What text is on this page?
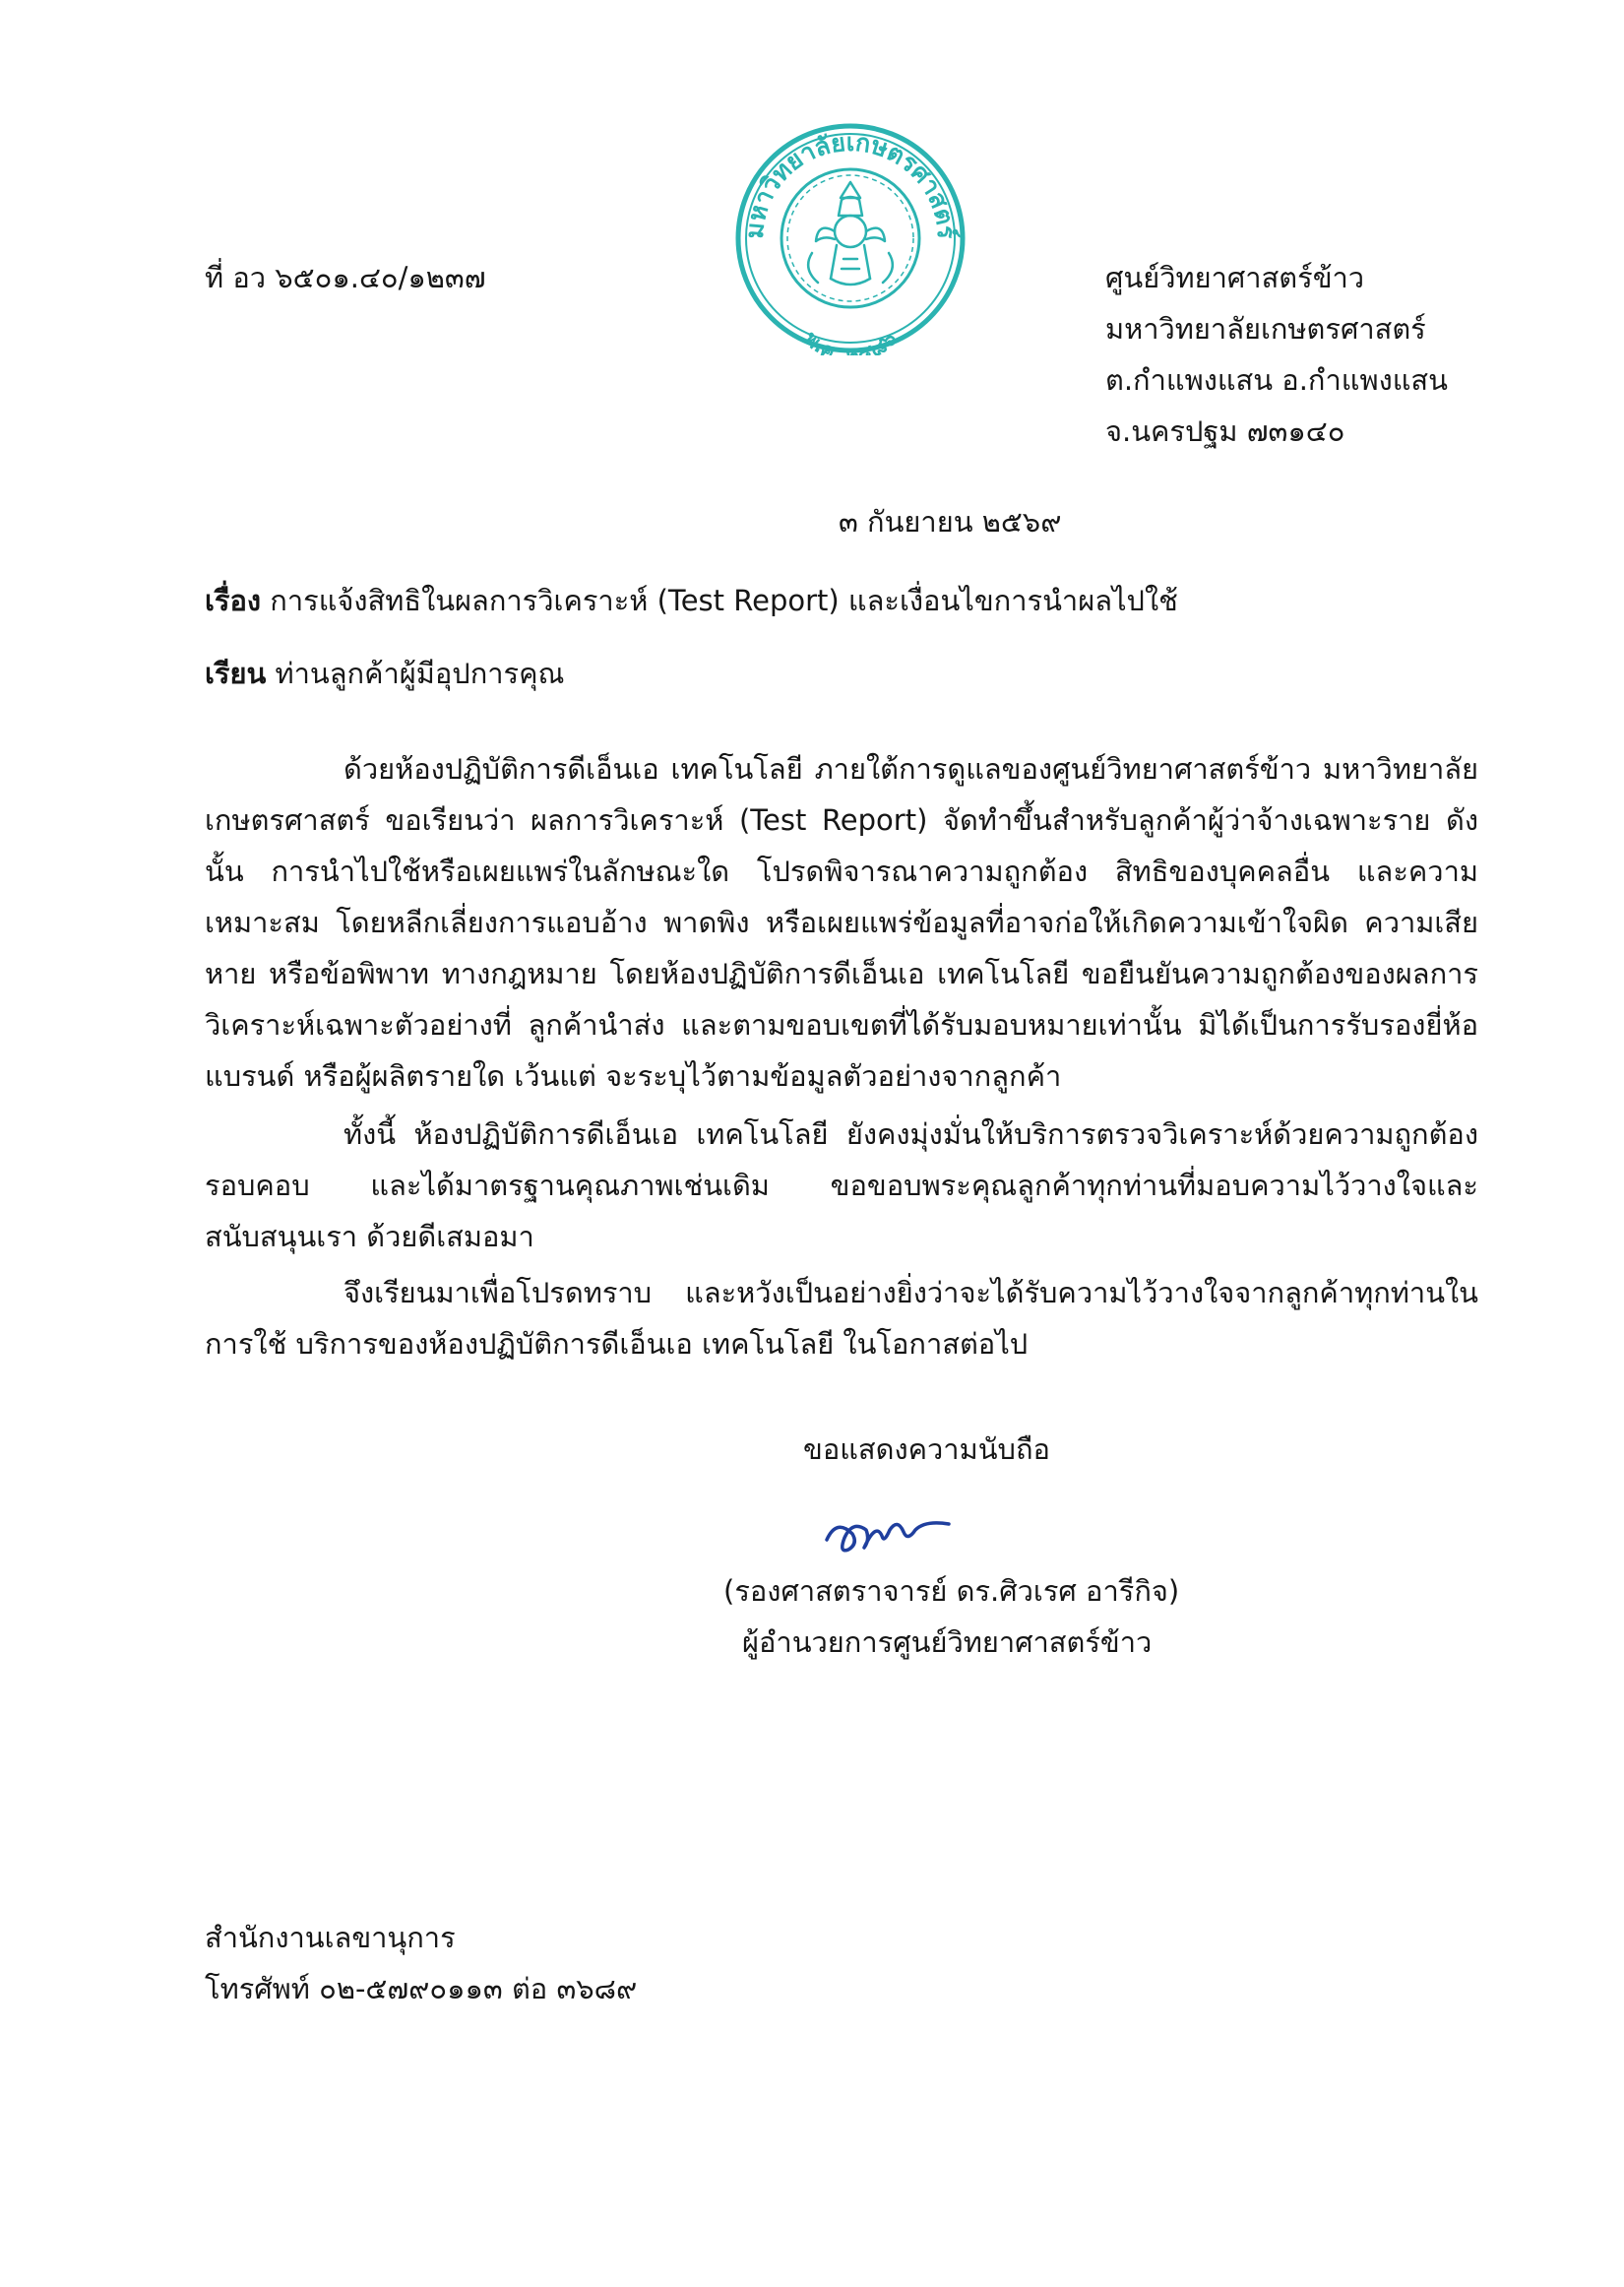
มหาวิทยาลัยเกษตรศาสตร์
พ.ศ. ๒๔๘๖
ที่ อว ๖๕๐๑.๔๐/๑๒๓๗	ศูนย์วิทยาศาสตร์ข้าว
มหาวิทยาลัยเกษตรศาสตร์
ต.กำแพงแสน อ.กำแพงแสน
จ.นครปฐม ๗๓๑๔๐
๓ กันยายน ๒๕๖๙
เรื่อง การแจ้งสิทธิในผลการวิเคราะห์ (Test Report) และเงื่อนไขการนำผลไปใช้
เรียน ท่านลูกค้าผู้มีอุปการคุณ
ด้วยห้องปฏิบัติการดีเอ็นเอ เทคโนโลยี ภายใต้การดูแลของศูนย์วิทยาศาสตร์ข้าว มหาวิทยาลัยเกษตรศาสตร์ ขอเรียนว่า ผลการวิเคราะห์ (Test Report) จัดทำขึ้นสำหรับลูกค้าผู้ว่าจ้างเฉพาะราย ดังนั้น การนำไปใช้หรือเผยแพร่ในลักษณะใด โปรดพิจารณาความถูกต้อง สิทธิของบุคคลอื่น และความเหมาะสม โดยหลีกเลี่ยงการแอบอ้าง พาดพิง หรือเผยแพร่ข้อมูลที่อาจก่อให้เกิดความเข้าใจผิด ความเสียหาย หรือข้อพิพาท ทางกฎหมาย โดยห้องปฏิบัติการดีเอ็นเอ เทคโนโลยี ขอยืนยันความถูกต้องของผลการวิเคราะห์เฉพาะตัวอย่างที่ ลูกค้านำส่ง และตามขอบเขตที่ได้รับมอบหมายเท่านั้น มิได้เป็นการรับรองยี่ห้อ แบรนด์ หรือผู้ผลิตรายใด เว้นแต่ จะระบุไว้ตามข้อมูลตัวอย่างจากลูกค้า
ทั้งนี้ ห้องปฏิบัติการดีเอ็นเอ เทคโนโลยี ยังคงมุ่งมั่นให้บริการตรวจวิเคราะห์ด้วยความถูกต้อง รอบคอบ และได้มาตรฐานคุณภาพเช่นเดิม ขอขอบพระคุณลูกค้าทุกท่านที่มอบความไว้วางใจและสนับสนุนเรา ด้วยดีเสมอมา
จึงเรียนมาเพื่อโปรดทราบ และหวังเป็นอย่างยิ่งว่าจะได้รับความไว้วางใจจากลูกค้าทุกท่านในการใช้ บริการของห้องปฏิบัติการดีเอ็นเอ เทคโนโลยี ในโอกาสต่อไป
ขอแสดงความนับถือ
(รองศาสตราจารย์ ดร.ศิวเรศ อารีกิจ)
ผู้อำนวยการศูนย์วิทยาศาสตร์ข้าว
สำนักงานเลขานุการ
โทรศัพท์ ๐๒-๕๗๙๐๑๑๓ ต่อ ๓๖๘๙
